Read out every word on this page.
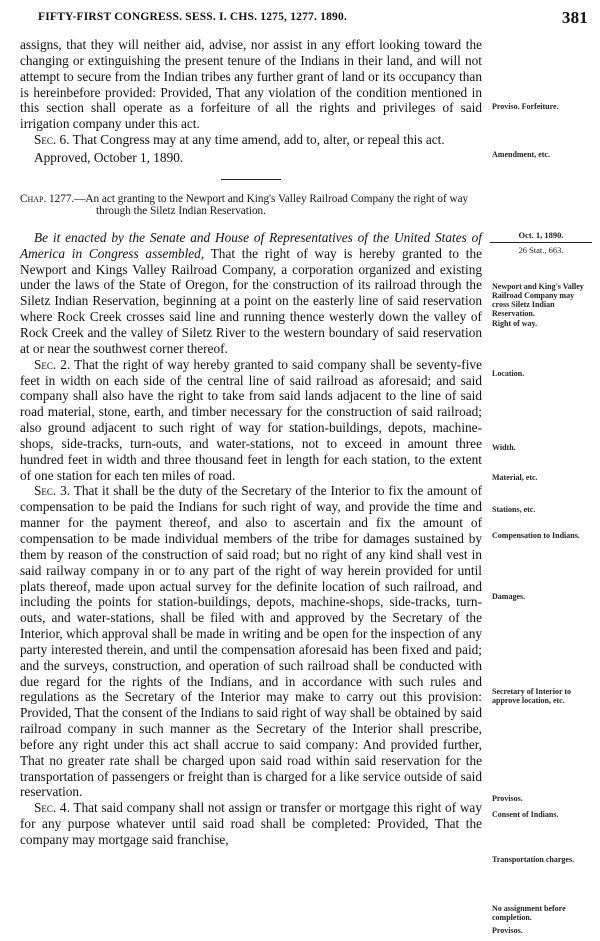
FIFTY-FIRST CONGRESS. SESS. I. CHS. 1275, 1277. 1890.	381

assigns, that they will neither aid, advise, nor assist in any effort looking toward the changing or extinguishing the present tenure of the Indians in their land, and will not attempt to secure from the Indian tribes any further grant of land or its occupancy than is hereinbefore provided: Provided, That any violation of the condition mentioned in this section shall operate as a forfeiture of all the rights and privileges of said irrigation company under this act.

Sec. 6. That Congress may at any time amend, add to, alter, or repeal this act.

Approved, October 1, 1890.

Chap. 1277.—An act granting to the Newport and King's Valley Railroad Company the right of way through the Siletz Indian Reservation.

Be it enacted by the Senate and House of Representatives of the United States of America in Congress assembled, That the right of way is hereby granted to the Newport and Kings Valley Railroad Company, a corporation organized and existing under the laws of the State of Oregon, for the construction of its railroad through the Siletz Indian Reservation, beginning at a point on the easterly line of said reservation where Rock Creek crosses said line and running thence westerly down the valley of Rock Creek and the valley of Siletz River to the western boundary of said reservation at or near the southwest corner thereof.

Sec. 2. That the right of way hereby granted to said company shall be seventy-five feet in width on each side of the central line of said railroad as aforesaid; and said company shall also have the right to take from said lands adjacent to the line of said road material, stone, earth, and timber necessary for the construction of said railroad; also ground adjacent to such right of way for station-buildings, depots, machine-shops, side-tracks, turn-outs, and water-stations, not to exceed in amount three hundred feet in width and three thousand feet in length for each station, to the extent of one station for each ten miles of road.

Sec. 3. That it shall be the duty of the Secretary of the Interior to fix the amount of compensation to be paid the Indians for such right of way, and provide the time and manner for the payment thereof, and also to ascertain and fix the amount of compensation to be made individual members of the tribe for damages sustained by them by reason of the construction of said road; but no right of any kind shall vest in said railway company in or to any part of the right of way herein provided for until plats thereof, made upon actual survey for the definite location of such railroad, and including the points for station-buildings, depots, machine-shops, side-tracks, turn-outs, and water-stations, shall be filed with and approved by the Secretary of the Interior, which approval shall be made in writing and be open for the inspection of any party interested therein, and until the compensation aforesaid has been fixed and paid; and the surveys, construction, and operation of such railroad shall be conducted with due regard for the rights of the Indians, and in accordance with such rules and regulations as the Secretary of the Interior may make to carry out this provision: Provided, That the consent of the Indians to said right of way shall be obtained by said railroad company in such manner as the Secretary of the Interior shall prescribe, before any right under this act shall accrue to said company: And provided further, That no greater rate shall be charged upon said road within said reservation for the transportation of passengers or freight than is charged for a like service outside of said reservation.

Sec. 4. That said company shall not assign or transfer or mortgage this right of way for any purpose whatever until said road shall be completed: Provided, That the company may mortgage said franchise,

Proviso. Forfeiture.
Amendment, etc.
Oct. 1, 1890.
26 Stat., 663.
Newport and King's Valley Railroad Company may cross Siletz Indian Reservation.
Right of way.
Location.
Width.
Material, etc.
Stations, etc.
Compensation to Indians.
Damages.
Secretary of Interior to approve location, etc.
Provisos.
Consent of Indians.
Transportation charges.
No assignment before completion.
Provisos.
